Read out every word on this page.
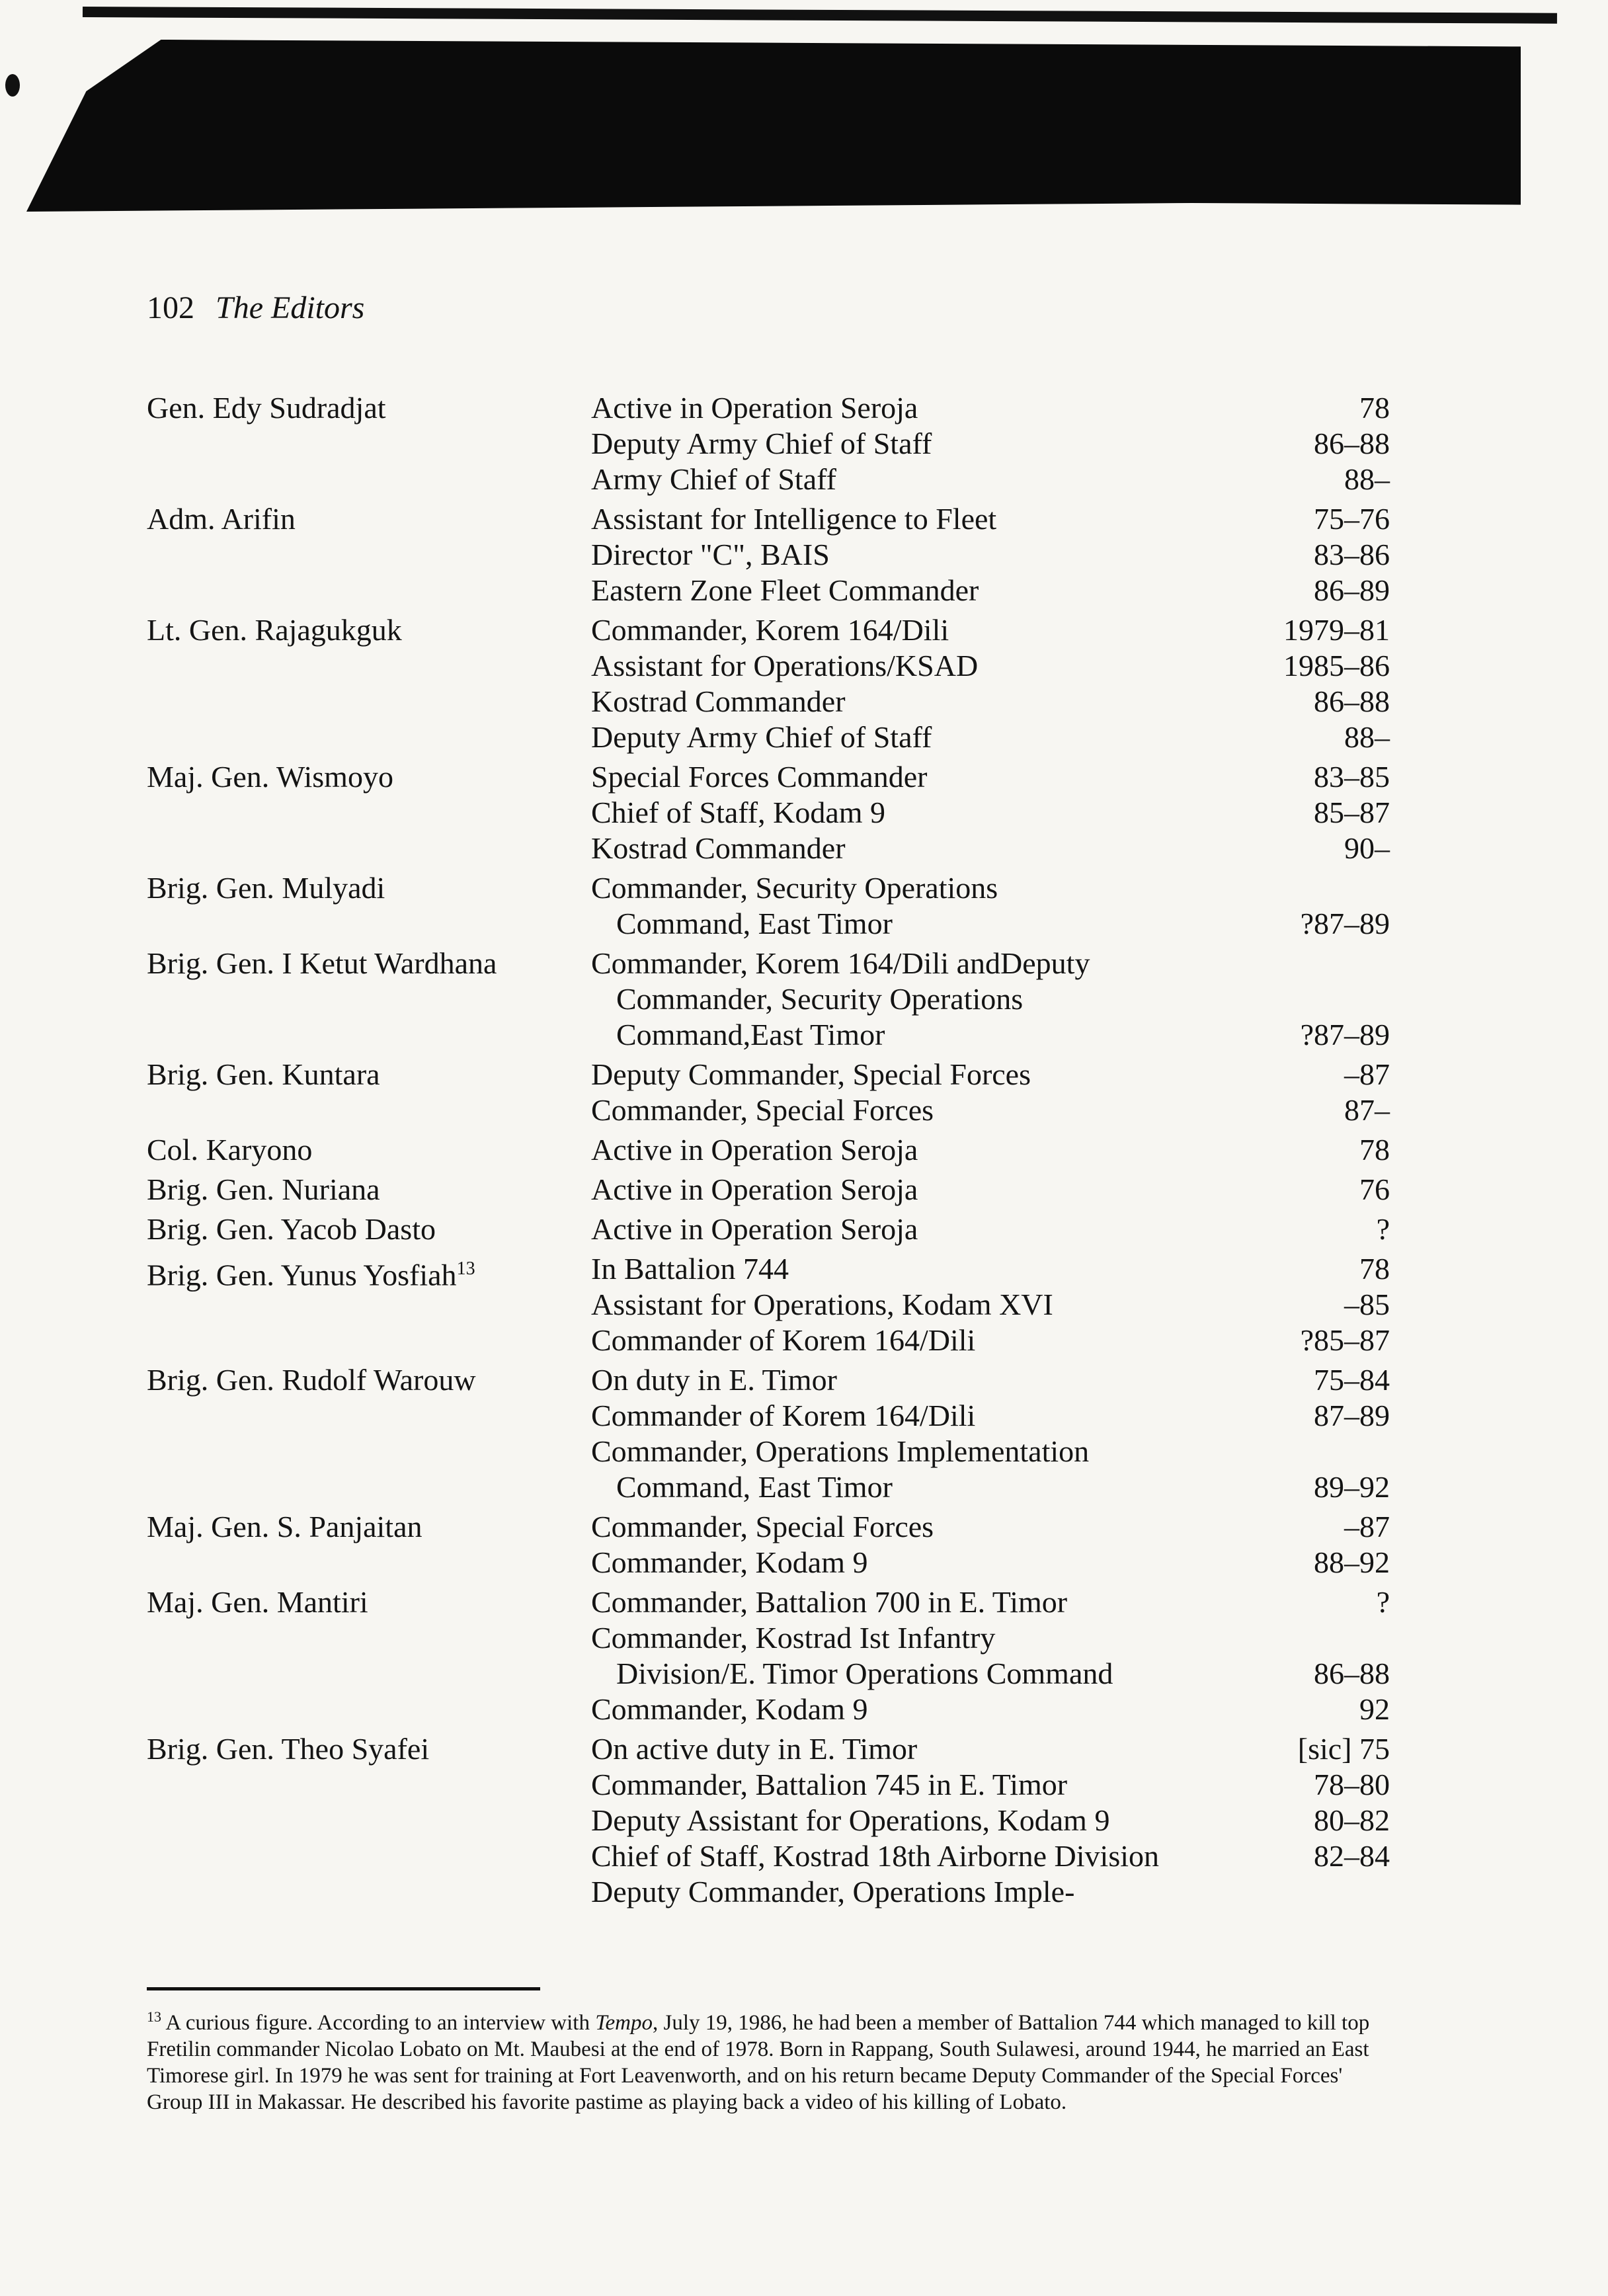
102 The Editors
Gen. Edy Sudradjat	Active in Operation Seroja	78
Deputy Army Chief of Staff	86–88
Army Chief of Staff	88–
Adm. Arifin	Assistant for Intelligence to Fleet	75–76
Director "C", BAIS	83–86
Eastern Zone Fleet Commander	86–89
Lt. Gen. Rajagukguk	Commander, Korem 164/Dili	1979–81
Assistant for Operations/KSAD	1985–86
Kostrad Commander	86–88
Deputy Army Chief of Staff	88–
Maj. Gen. Wismoyo	Special Forces Commander	83–85
Chief of Staff, Kodam 9	85–87
Kostrad Commander	90–
Brig. Gen. Mulyadi	Commander, Security Operations
Command, East Timor	?87–89
Brig. Gen. I Ketut Wardhana	Commander, Korem 164/Dili andDeputy
Commander, Security Operations
Command,East Timor	?87–89
Brig. Gen. Kuntara	Deputy Commander, Special Forces	–87
Commander, Special Forces	87–
Col. Karyono	Active in Operation Seroja	78
Brig. Gen. Nuriana	Active in Operation Seroja	76
Brig. Gen. Yacob Dasto	Active in Operation Seroja	?
Brig. Gen. Yunus Yosfiah$^{13}$	In Battalion 744	78
Assistant for Operations, Kodam XVI	–85
Commander of Korem 164/Dili	?85–87
Brig. Gen. Rudolf Warouw	On duty in E. Timor	75–84
Commander of Korem 164/Dili	87–89
Commander, Operations Implementation
Command, East Timor	89–92
Maj. Gen. S. Panjaitan	Commander, Special Forces	–87
Commander, Kodam 9	88–92
Maj. Gen. Mantiri	Commander, Battalion 700 in E. Timor	?
Commander, Kostrad Ist Infantry
Division/E. Timor Operations Command	86–88
Commander, Kodam 9	92
Brig. Gen. Theo Syafei	On active duty in E. Timor	[sic] 75
Commander, Battalion 745 in E. Timor	78–80
Deputy Assistant for Operations, Kodam 9	80–82
Chief of Staff, Kostrad 18th Airborne Division	82–84
Deputy Commander, Operations Imple-
$^{13}$ A curious figure. According to an interview with Tempo, July 19, 1986, he had been a member of Battalion 744 which managed to kill top Fretilin commander Nicolao Lobato on Mt. Maubesi at the end of 1978. Born in Rappang, South Sulawesi, around 1944, he married an East Timorese girl. In 1979 he was sent for training at Fort Leavenworth, and on his return became Deputy Commander of the Special Forces' Group III in Makassar. He described his favorite pastime as playing back a video of his killing of Lobato.
